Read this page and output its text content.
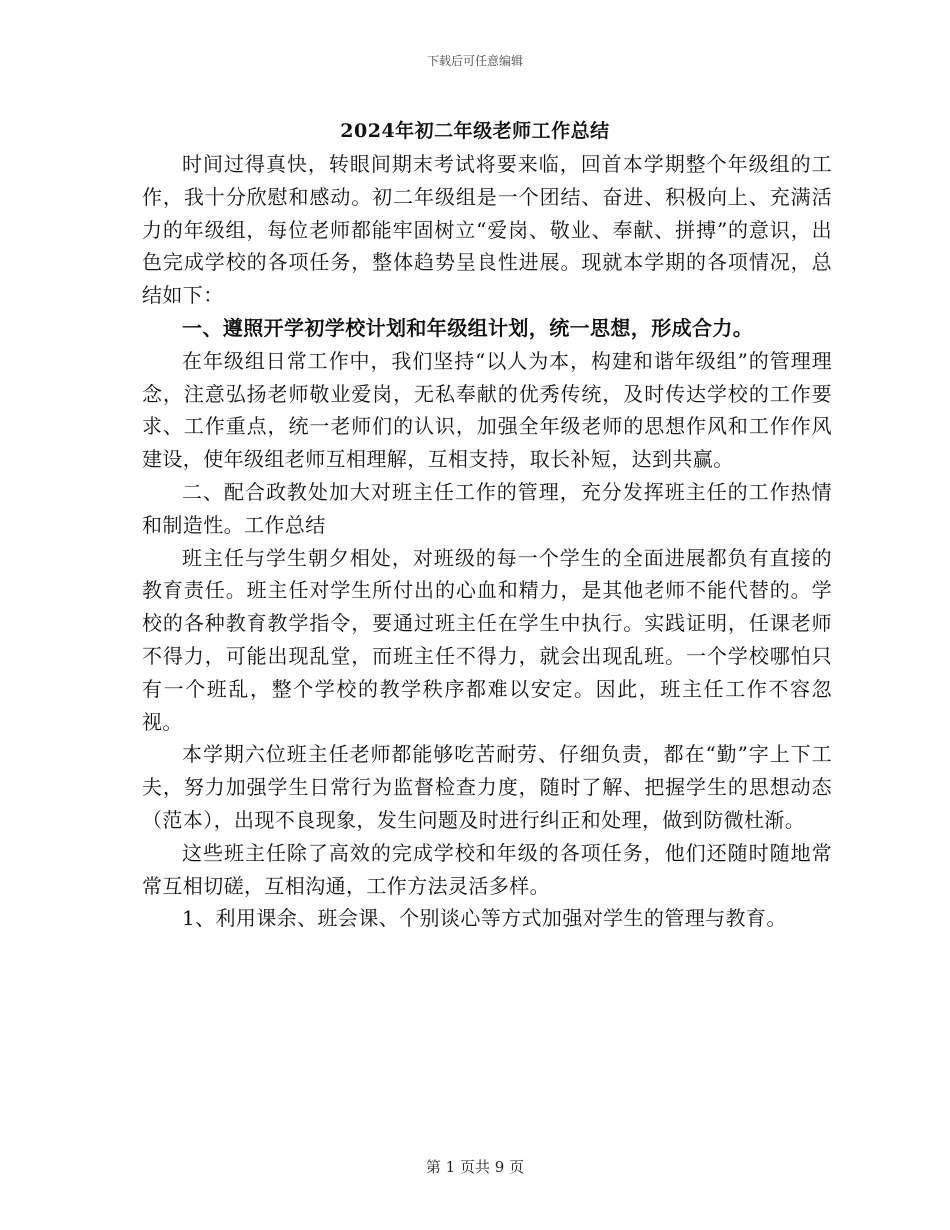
下载后可任意编辑
2024年初二年级老师工作总结

时间过得真快，转眼间期末考试将要来临，回首本学期整个年级组的工作，我十分欣慰和感动。初二年级组是一个团结、奋进、积极向上、充满活力的年级组，每位老师都能牢固树立“爱岗、敬业、奉献、拼搏”的意识，出色完成学校的各项任务，整体趋势呈良性进展。现就本学期的各项情况，总结如下：

一、遵照开学初学校计划和年级组计划，统一思想，形成合力。

在年级组日常工作中，我们坚持“以人为本，构建和谐年级组”的管理理念，注意弘扬老师敬业爱岗，无私奉献的优秀传统，及时传达学校的工作要求、工作重点，统一老师们的认识，加强全年级老师的思想作风和工作作风建设，使年级组老师互相理解，互相支持，取长补短，达到共赢。

二、配合政教处加大对班主任工作的管理，充分发挥班主任的工作热情和制造性。工作总结

班主任与学生朝夕相处，对班级的每一个学生的全面进展都负有直接的教育责任。班主任对学生所付出的心血和精力，是其他老师不能代替的。学校的各种教育教学指令，要通过班主任在学生中执行。实践证明，任课老师不得力，可能出现乱堂，而班主任不得力，就会出现乱班。一个学校哪怕只有一个班乱，整个学校的教学秩序都难以安定。因此，班主任工作不容忽视。

本学期六位班主任老师都能够吃苦耐劳、仔细负责，都在“勤”字上下工夫，努力加强学生日常行为监督检查力度，随时了解、把握学生的思想动态（范本），出现不良现象，发生问题及时进行纠正和处理，做到防微杜渐。

这些班主任除了高效的完成学校和年级的各项任务，他们还随时随地常常互相切磋，互相沟通，工作方法灵活多样。

1、利用课余、班会课、个别谈心等方式加强对学生的管理与教育。

第 1 页共 9 页
